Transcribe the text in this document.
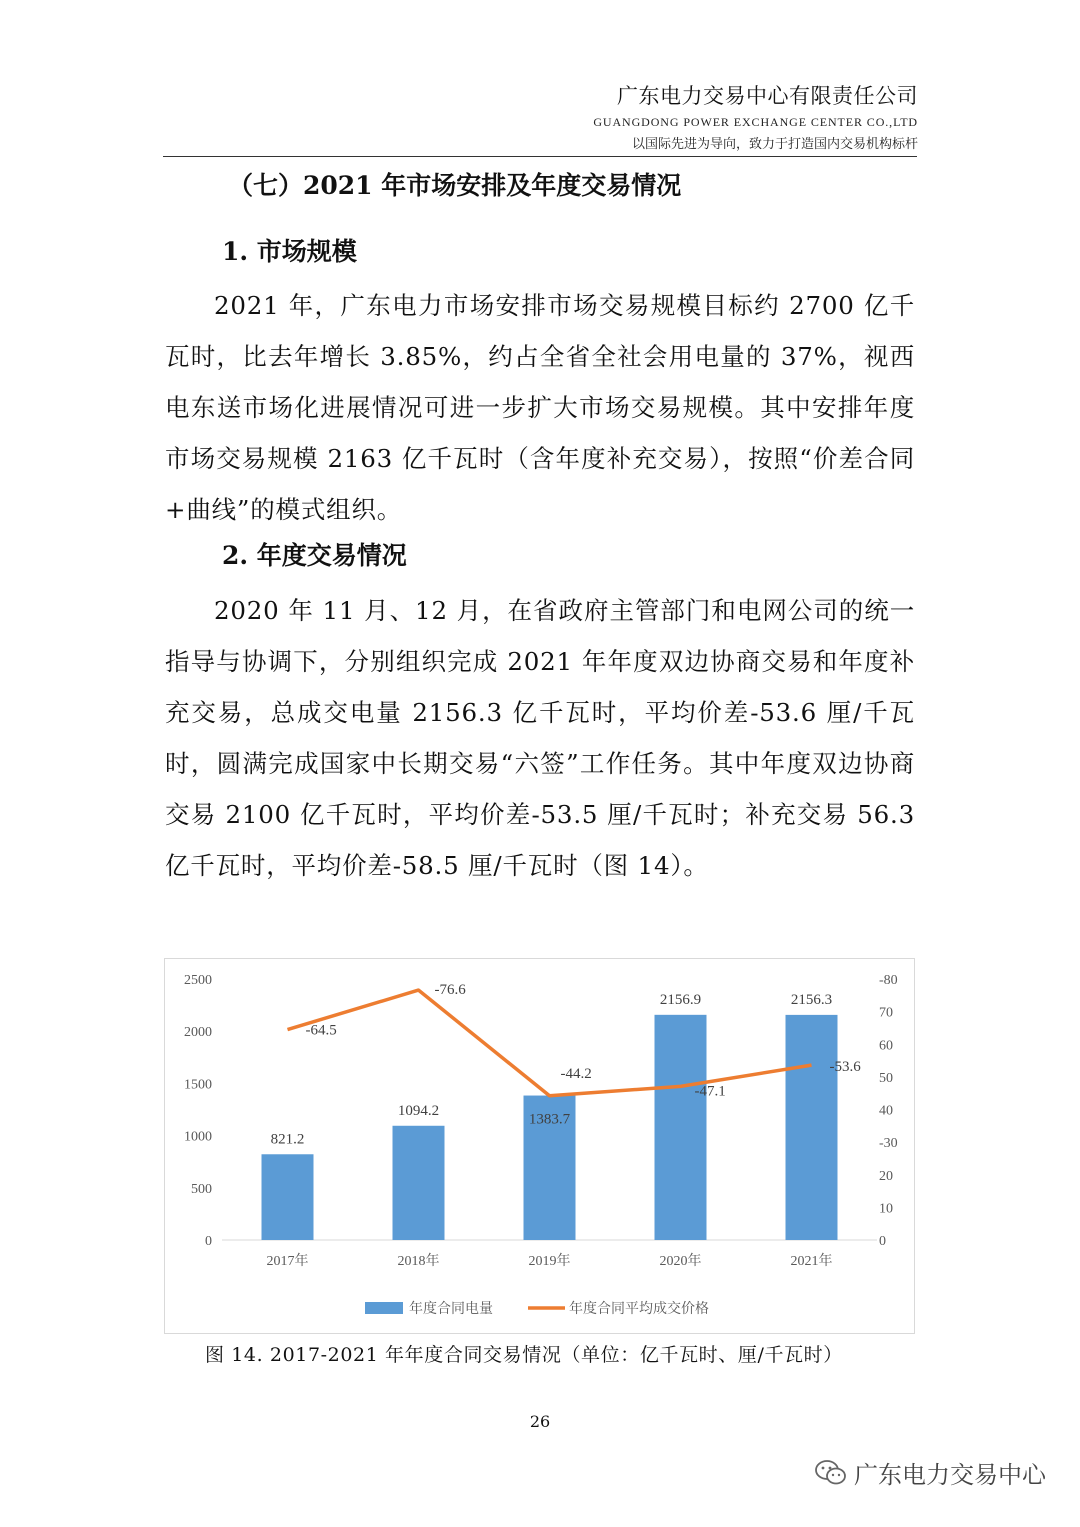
广东电力交易中心有限责任公司
GUANGDONG POWER EXCHANGE CENTER CO.,LTD
以国际先进为导向，致力于打造国内交易机构标杆
（七）2021 年市场安排及年度交易情况
1. 市场规模

2021 年，广东电力市场安排市场交易规模目标约 2700 亿千瓦时，比去年增长 3.85%，约占全省全社会用电量的 37%，视西电东送市场化进展情况可进一步扩大市场交易规模。其中安排年度市场交易规模 2163 亿千瓦时（含年度补充交易），按照“价差合同+曲线”的模式组织。

2. 年度交易情况

2020 年 11 月、12 月，在省政府主管部门和电网公司的统一指导与协调下，分别组织完成 2021 年年度双边协商交易和年度补充交易，总成交电量 2156.3 亿千瓦时，平均价差-53.6 厘/千瓦时，圆满完成国家中长期交易“六签”工作任务。其中年度双边协商交易 2100 亿千瓦时，平均价差-53.5 厘/千瓦时；补充交易 56.3 亿千瓦时，平均价差-58.5 厘/千瓦时（图 14）。

0
500
1000
1500
2000
2500
0
10
20
-30
40
50
60
70
-80
2017年	2018年	2019年	2020年	2021年
821.2
1094.2
1383.7
2156.9	2156.3
-64.5
-76.6
-44.2
-47.1
-53.6
年度合同电量	年度合同平均成交价格
图 14. 2017-2021 年年度合同交易情况（单位：亿千瓦时、厘/千瓦时）
26
广东电力交易中心
